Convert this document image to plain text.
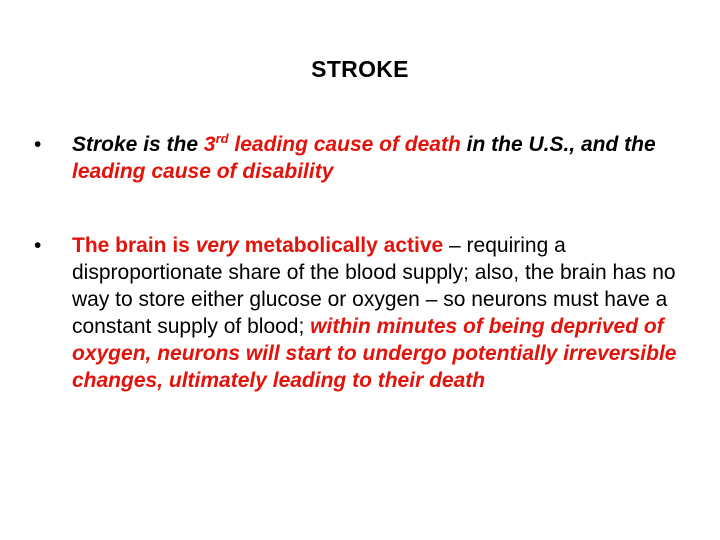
STROKE
•	Stroke is the 3rd leading cause of death in the U.S., and the leading cause of disability
•	The brain is very metabolically active – requiring a disproportionate share of the blood supply; also, the brain has no way to store either glucose or oxygen – so neurons must have a constant supply of blood; within minutes of being deprived of oxygen, neurons will start to undergo potentially irreversible changes, ultimately leading to their death
